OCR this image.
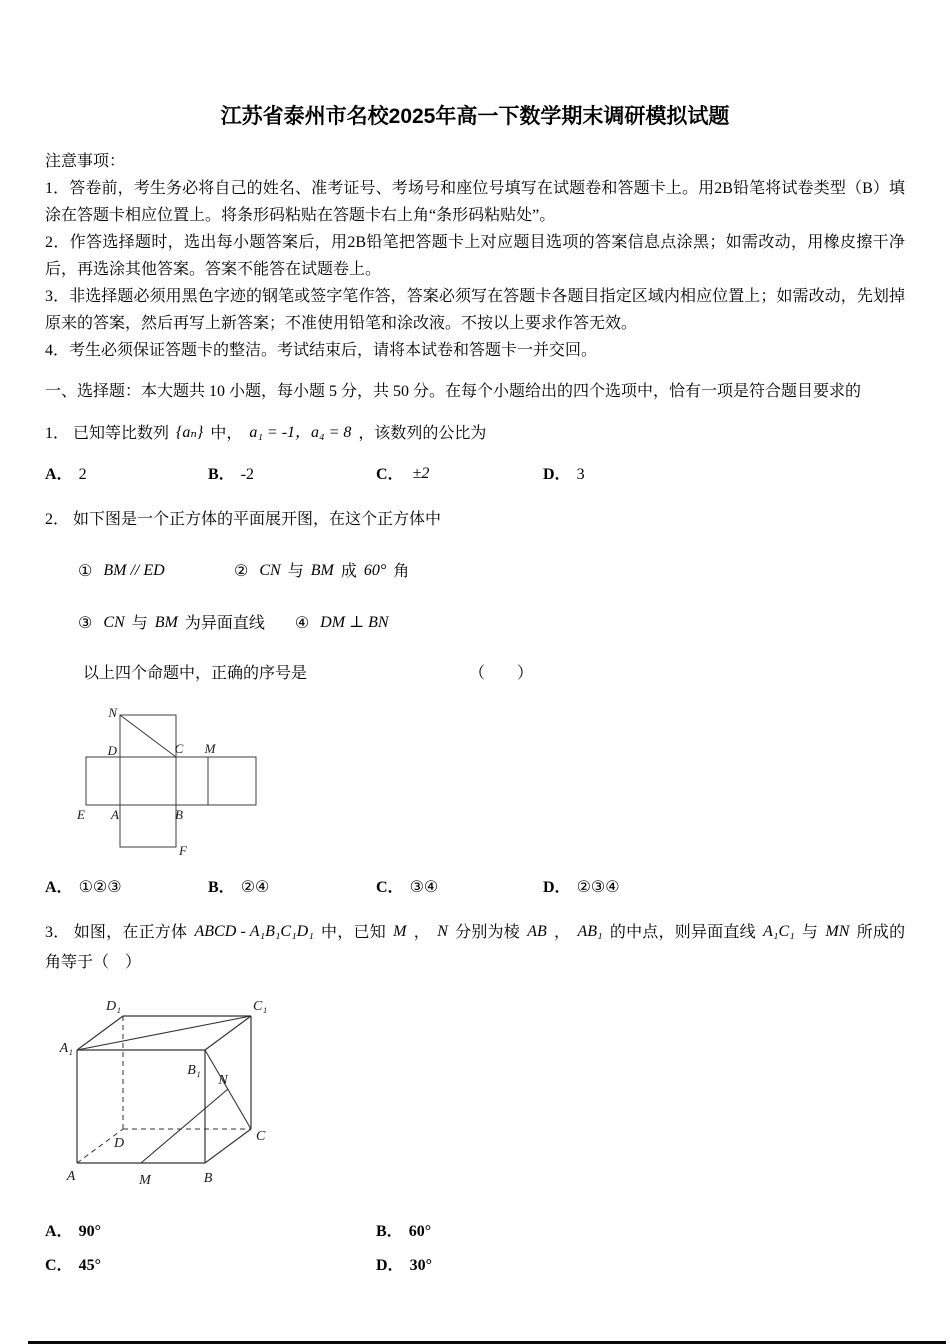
江苏省泰州市名校2025年高一下数学期末调研模拟试题

注意事项：

1．答卷前，考生务必将自己的姓名、准考证号、考场号和座位号填写在试题卷和答题卡上。用2B铅笔将试卷类型（B）填涂在答题卡相应位置上。将条形码粘贴在答题卡右上角“条形码粘贴处”。

2．作答选择题时，选出每小题答案后，用2B铅笔把答题卡上对应题目选项的答案信息点涂黑；如需改动，用橡皮擦干净后，再选涂其他答案。答案不能答在试题卷上。

3．非选择题必须用黑色字迹的钢笔或签字笔作答，答案必须写在答题卡各题目指定区域内相应位置上；如需改动，先划掉原来的答案，然后再写上新答案；不准使用铅笔和涂改液。不按以上要求作答无效。

4．考生必须保证答题卡的整洁。考试结束后，请将本试卷和答题卡一并交回。

一、选择题：本大题共 10 小题，每小题 5 分，共 50 分。在每个小题给出的四个选项中，恰有一项是符合题目要求的

1． 已知等比数列 {aₙ} 中， a₁ = -1，a₄ = 8 ，该数列的公比为

A． 2	B． -2	C． ±2	D． 3

2． 如下图是一个正方体的平面展开图，在这个正方体中

① BM // ED	② CN 与 BM 成 60° 角

③ CN 与 BM 为异面直线 ④ DM ⊥ BN

以上四个命题中，正确的序号是	（　）

N
D	C M
E A	B
F
A． ①②③	B． ②④	C． ③④	D． ②③④

3． 如图，在正方体 ABCD - A₁B₁C₁D₁ 中，已知 M ， N 分别为棱 AB ， AB₁ 的中点，则异面直线 A₁C₁ 与 MN 所成的角等于（　）

D₁	C₁
A₁
B₁
D
N
C
A	M	B
A． 90°	B． 60°
C． 45°	D． 30°
